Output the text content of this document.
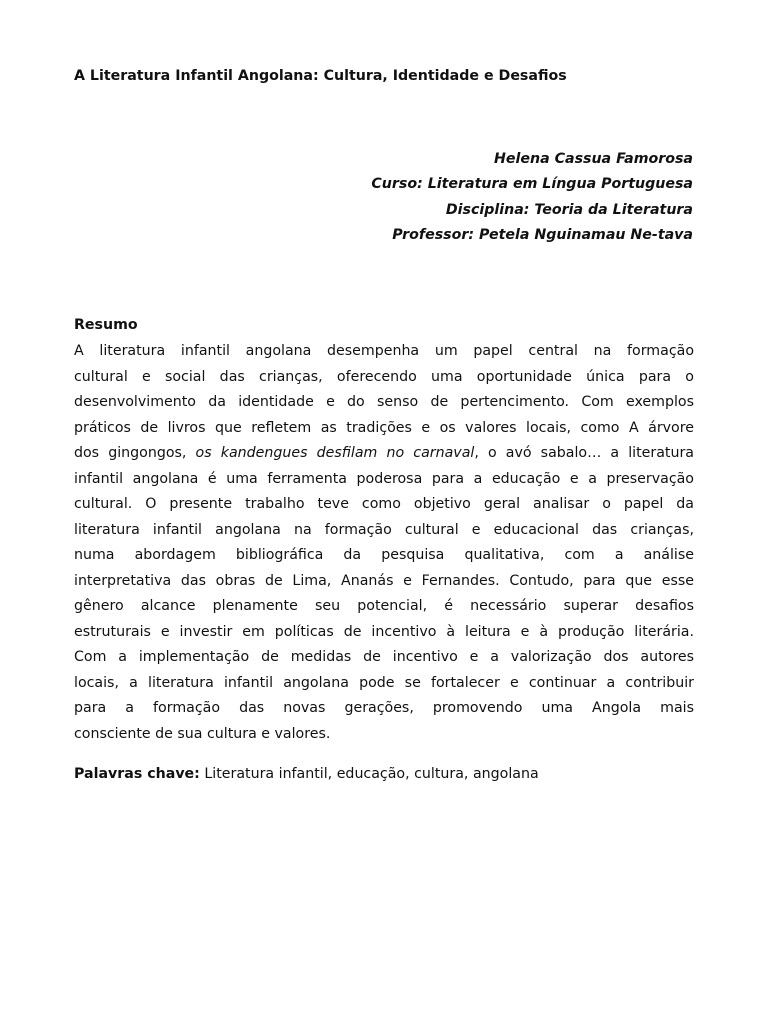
A Literatura Infantil Angolana: Cultura, Identidade e Desafios
Helena Cassua Famorosa
Curso: Literatura em Língua Portuguesa
Disciplina: Teoria da Literatura
Professor: Petela Nguinamau Ne-tava
Resumo
A literatura infantil angolana desempenha um papel central na formação
cultural e social das crianças, oferecendo uma oportunidade única para o
desenvolvimento da identidade e do senso de pertencimento. Com exemplos
práticos de livros que refletem as tradições e os valores locais, como A árvore
dos gingongos, os kandengues desfilam no carnaval, o avó sabalo… a literatura
infantil angolana é uma ferramenta poderosa para a educação e a preservação
cultural. O presente trabalho teve como objetivo geral analisar o papel da
literatura infantil angolana na formação cultural e educacional das crianças,
numa abordagem bibliográfica da pesquisa qualitativa, com a análise
interpretativa das obras de Lima, Ananás e Fernandes. Contudo, para que esse
gênero alcance plenamente seu potencial, é necessário superar desafios
estruturais e investir em políticas de incentivo à leitura e à produção literária.
Com a implementação de medidas de incentivo e a valorização dos autores
locais, a literatura infantil angolana pode se fortalecer e continuar a contribuir
para a formação das novas gerações, promovendo uma Angola mais
consciente de sua cultura e valores.
Palavras chave: Literatura infantil, educação, cultura, angolana
